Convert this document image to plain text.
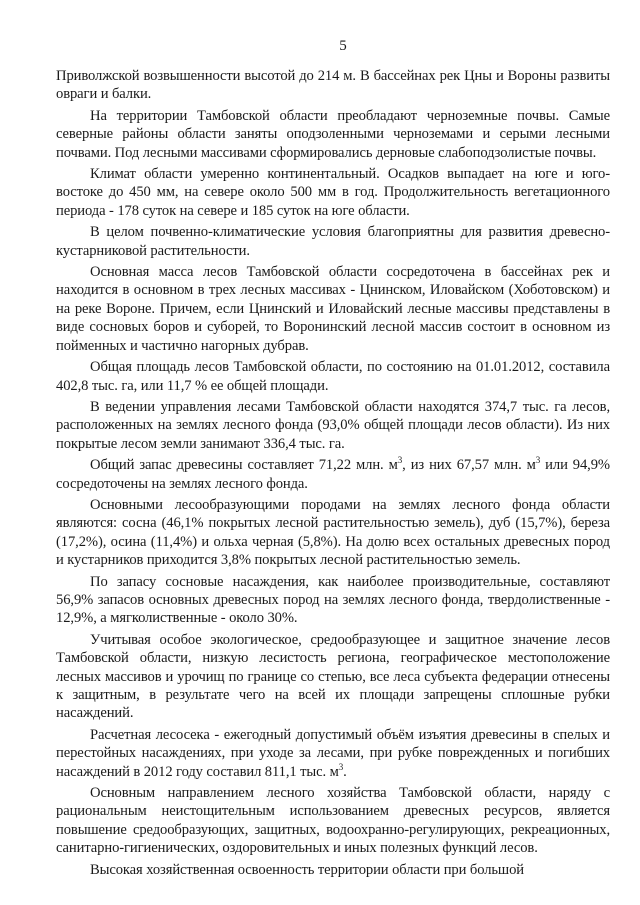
5

Приволжской возвышенности высотой до 214 м. В бассейнах рек Цны и Вороны развиты овраги и балки.

На территории Тамбовской области преобладают черноземные почвы. Самые северные районы области заняты оподзоленными черноземами и серыми лесными почвами. Под лесными массивами сформировались дерновые слабоподзолистые почвы.

Климат области умеренно континентальный. Осадков выпадает на юге и юго-востоке до 450 мм, на севере около 500 мм в год. Продолжительность вегетационного периода - 178 суток на севере и 185 суток на юге области.

В целом почвенно-климатические условия благоприятны для развития древесно-кустарниковой растительности.

Основная масса лесов Тамбовской области сосредоточена в бассейнах рек и находится в основном в трех лесных массивах - Цнинском, Иловайском (Хоботовском) и на реке Вороне. Причем, если Цнинский и Иловайский лесные массивы представлены в виде сосновых боров и суборей, то Воронинский лесной массив состоит в основном из пойменных и частично нагорных дубрав.

Общая площадь лесов Тамбовской области, по состоянию на 01.01.2012, составила 402,8 тыс. га, или 11,7 % ее общей площади.

В ведении управления лесами Тамбовской области находятся 374,7 тыс. га лесов, расположенных на землях лесного фонда (93,0% общей площади лесов области). Из них покрытые лесом земли занимают 336,4 тыс. га.

Общий запас древесины составляет 71,22 млн. $м^3$, из них 67,57 млн. $м^3$ или 94,9% сосредоточены на землях лесного фонда.

Основными лесообразующими породами на землях лесного фонда области являются: сосна (46,1% покрытых лесной растительностью земель), дуб (15,7%), береза (17,2%), осина (11,4%) и ольха черная (5,8%). На долю всех остальных древесных пород и кустарников приходится 3,8% покрытых лесной растительностью земель.

По запасу сосновые насаждения, как наиболее производительные, составляют 56,9% запасов основных древесных пород на землях лесного фонда, твердолиственные - 12,9%, а мягколиственные - около 30%.

Учитывая особое экологическое, средообразующее и защитное значение лесов Тамбовской области, низкую лесистость региона, географическое местоположение лесных массивов и урочищ по границе со степью, все леса субъекта федерации отнесены к защитным, в результате чего на всей их площади запрещены сплошные рубки насаждений.

Расчетная лесосека - ежегодный допустимый объём изъятия древесины в спелых и перестойных насаждениях, при уходе за лесами, при рубке поврежденных и погибших насаждений в 2012 году составил 811,1 тыс. $м^3$.

Основным направлением лесного хозяйства Тамбовской области, наряду с рациональным неистощительным использованием древесных ресурсов, является повышение средообразующих, защитных, водоохранно-регулирующих, рекреационных, санитарно-гигиенических, оздоровительных и иных полезных функций лесов.

Высокая хозяйственная освоенность территории области при большой
